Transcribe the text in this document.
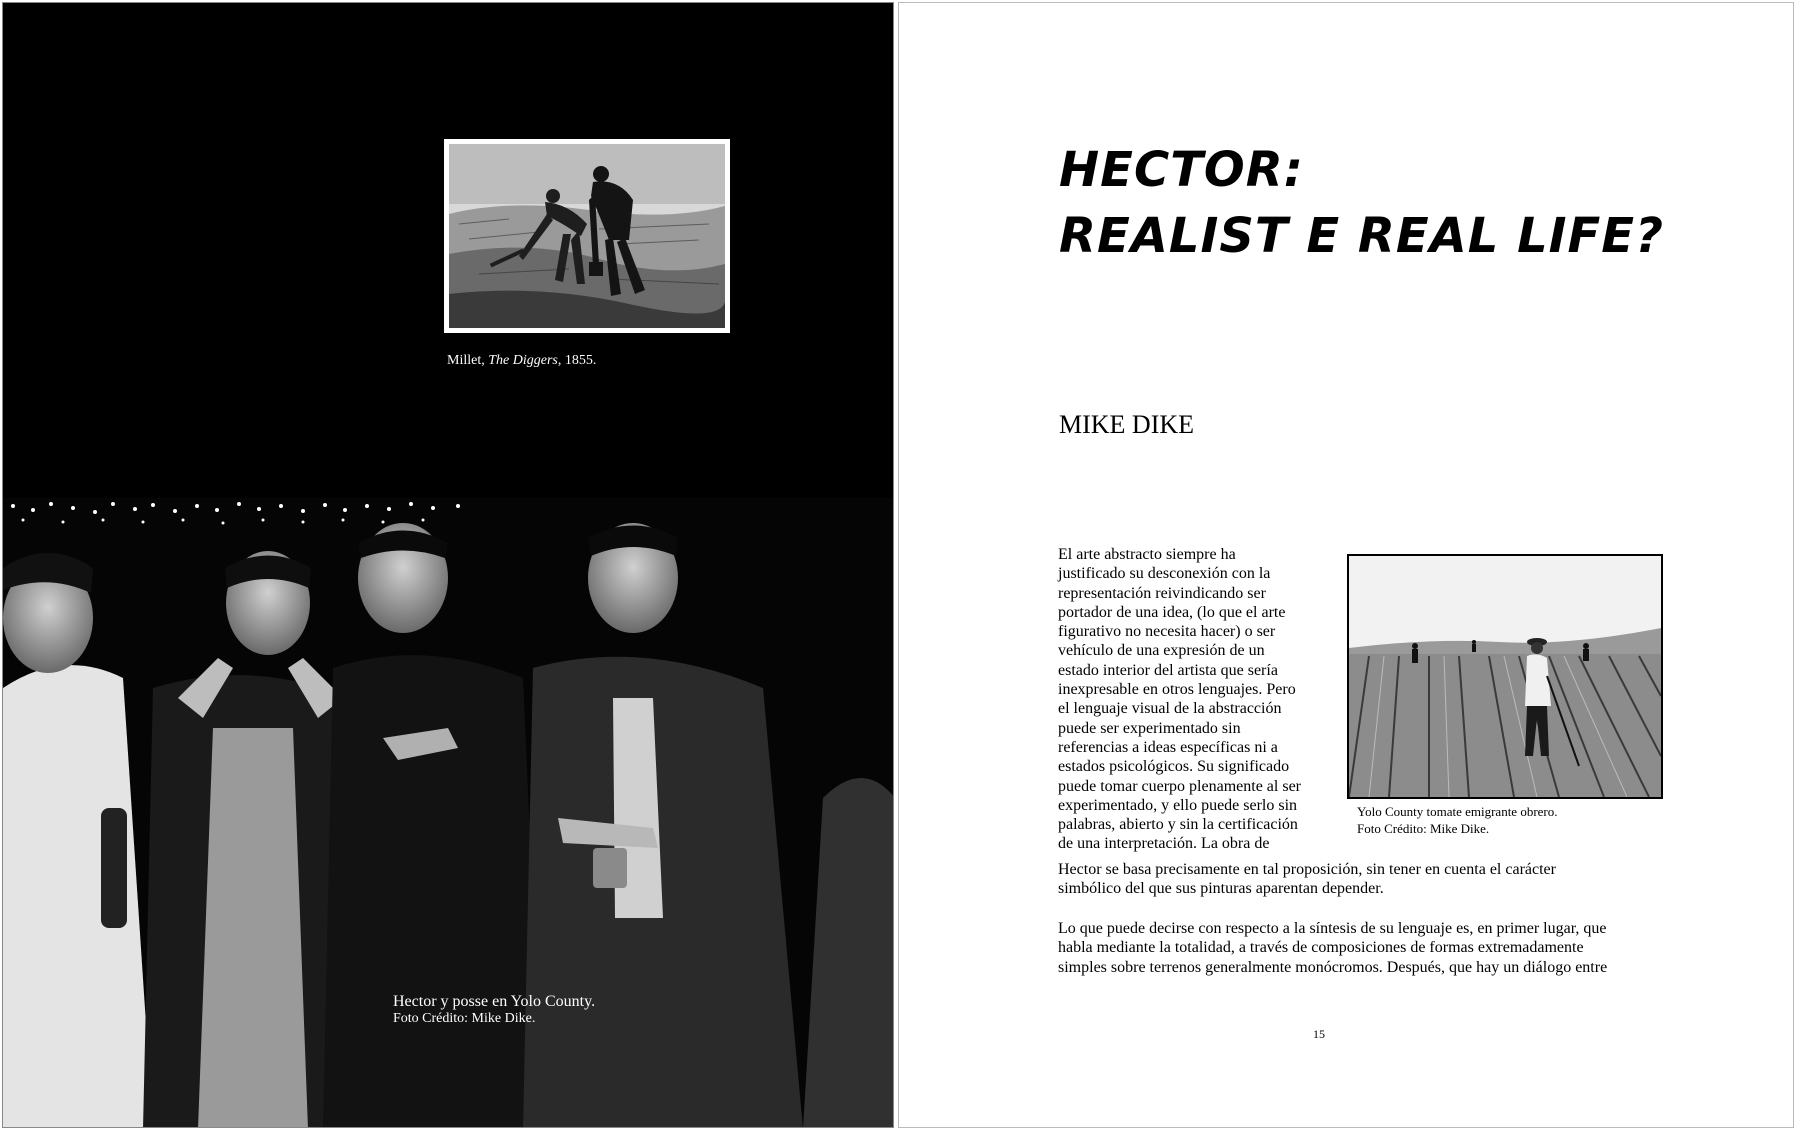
Millet, The Diggers, 1855.
Hector y posse en Yolo County.
Foto Crédito: Mike Dike.
HECTOR:
REALIST E REAL LIFE?
MIKE DIKE
El arte abstracto siempre ha
justificado su desconexión con la
representación reivindicando ser
portador de una idea, (lo que el arte
figurativo no necesita hacer) o ser
vehículo de una expresión de un
estado interior del artista que sería
inexpresable en otros lenguajes. Pero
el lenguaje visual de la abstracción
puede ser experimentado sin
referencias a ideas específicas ni a
estados psicológicos. Su significado
puede tomar cuerpo plenamente al ser
experimentado, y ello puede serlo sin
palabras, abierto y sin la certificación
de una interpretación. La obra de
Hector se basa precisamente en tal proposición, sin tener en cuenta el carácter
simbólico del que sus pinturas aparentan depender.
Lo que puede decirse con respecto a la síntesis de su lenguaje es, en primer lugar, que
habla mediante la totalidad, a través de composiciones de formas extremadamente
simples sobre terrenos generalmente monócromos. Después, que hay un diálogo entre
Yolo County tomate emigrante obrero.
Foto Crédito: Mike Dike.
15
